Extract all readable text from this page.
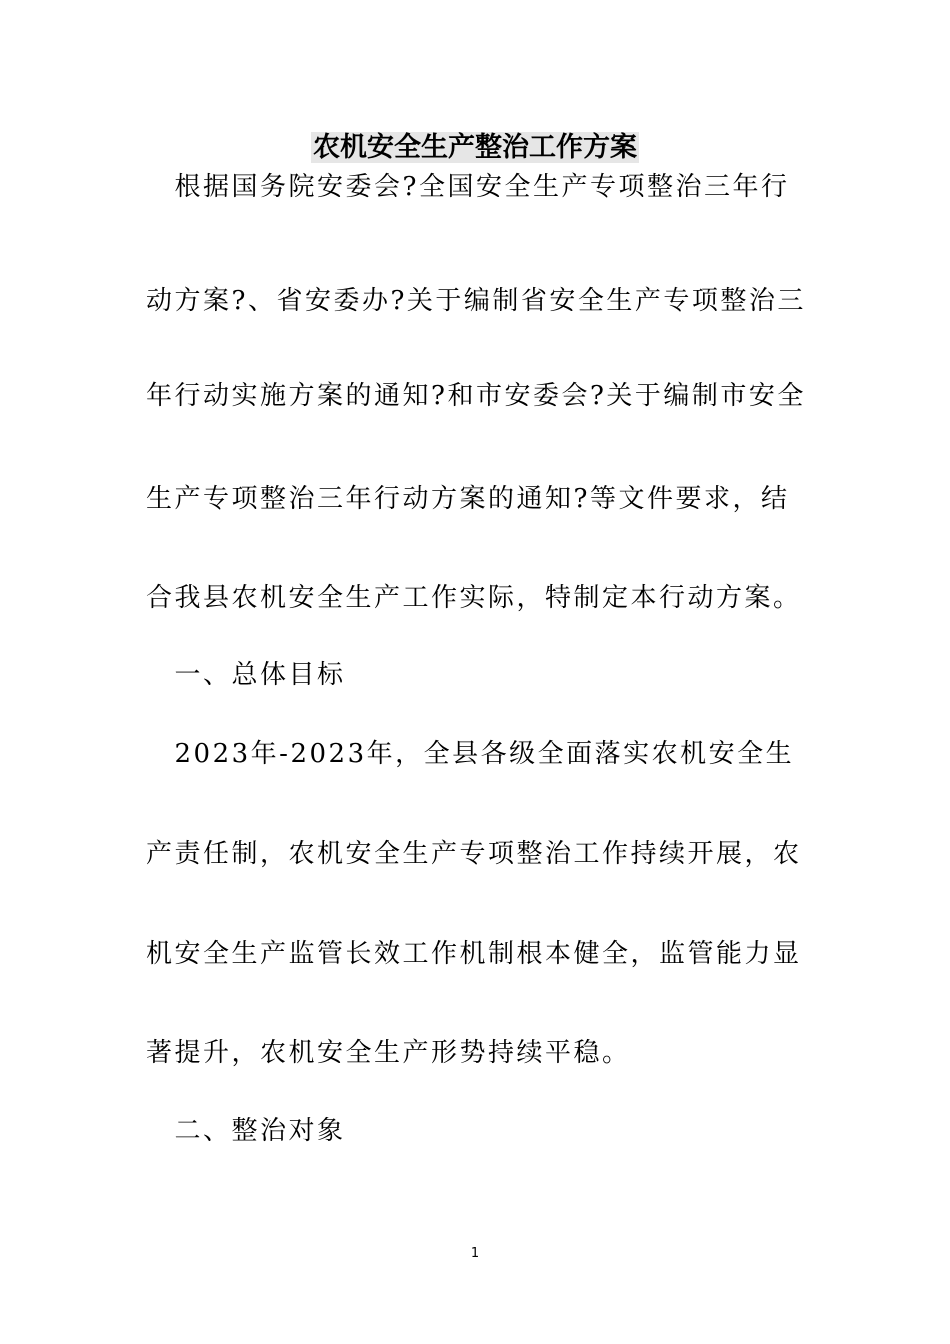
农机安全生产整治工作方案
　根据国务院安委会?全国安全生产专项整治三年行
动方案?、省安委办?关于编制省安全生产专项整治三
年行动实施方案的通知?和市安委会?关于编制市安全
生产专项整治三年行动方案的通知?等文件要求，结
合我县农机安全生产工作实际，特制定本行动方案。
　一、总体目标
　2023年-2023年，全县各级全面落实农机安全生
产责任制，农机安全生产专项整治工作持续开展，农
机安全生产监管长效工作机制根本健全，监管能力显
著提升，农机安全生产形势持续平稳。
　二、整治对象
1
